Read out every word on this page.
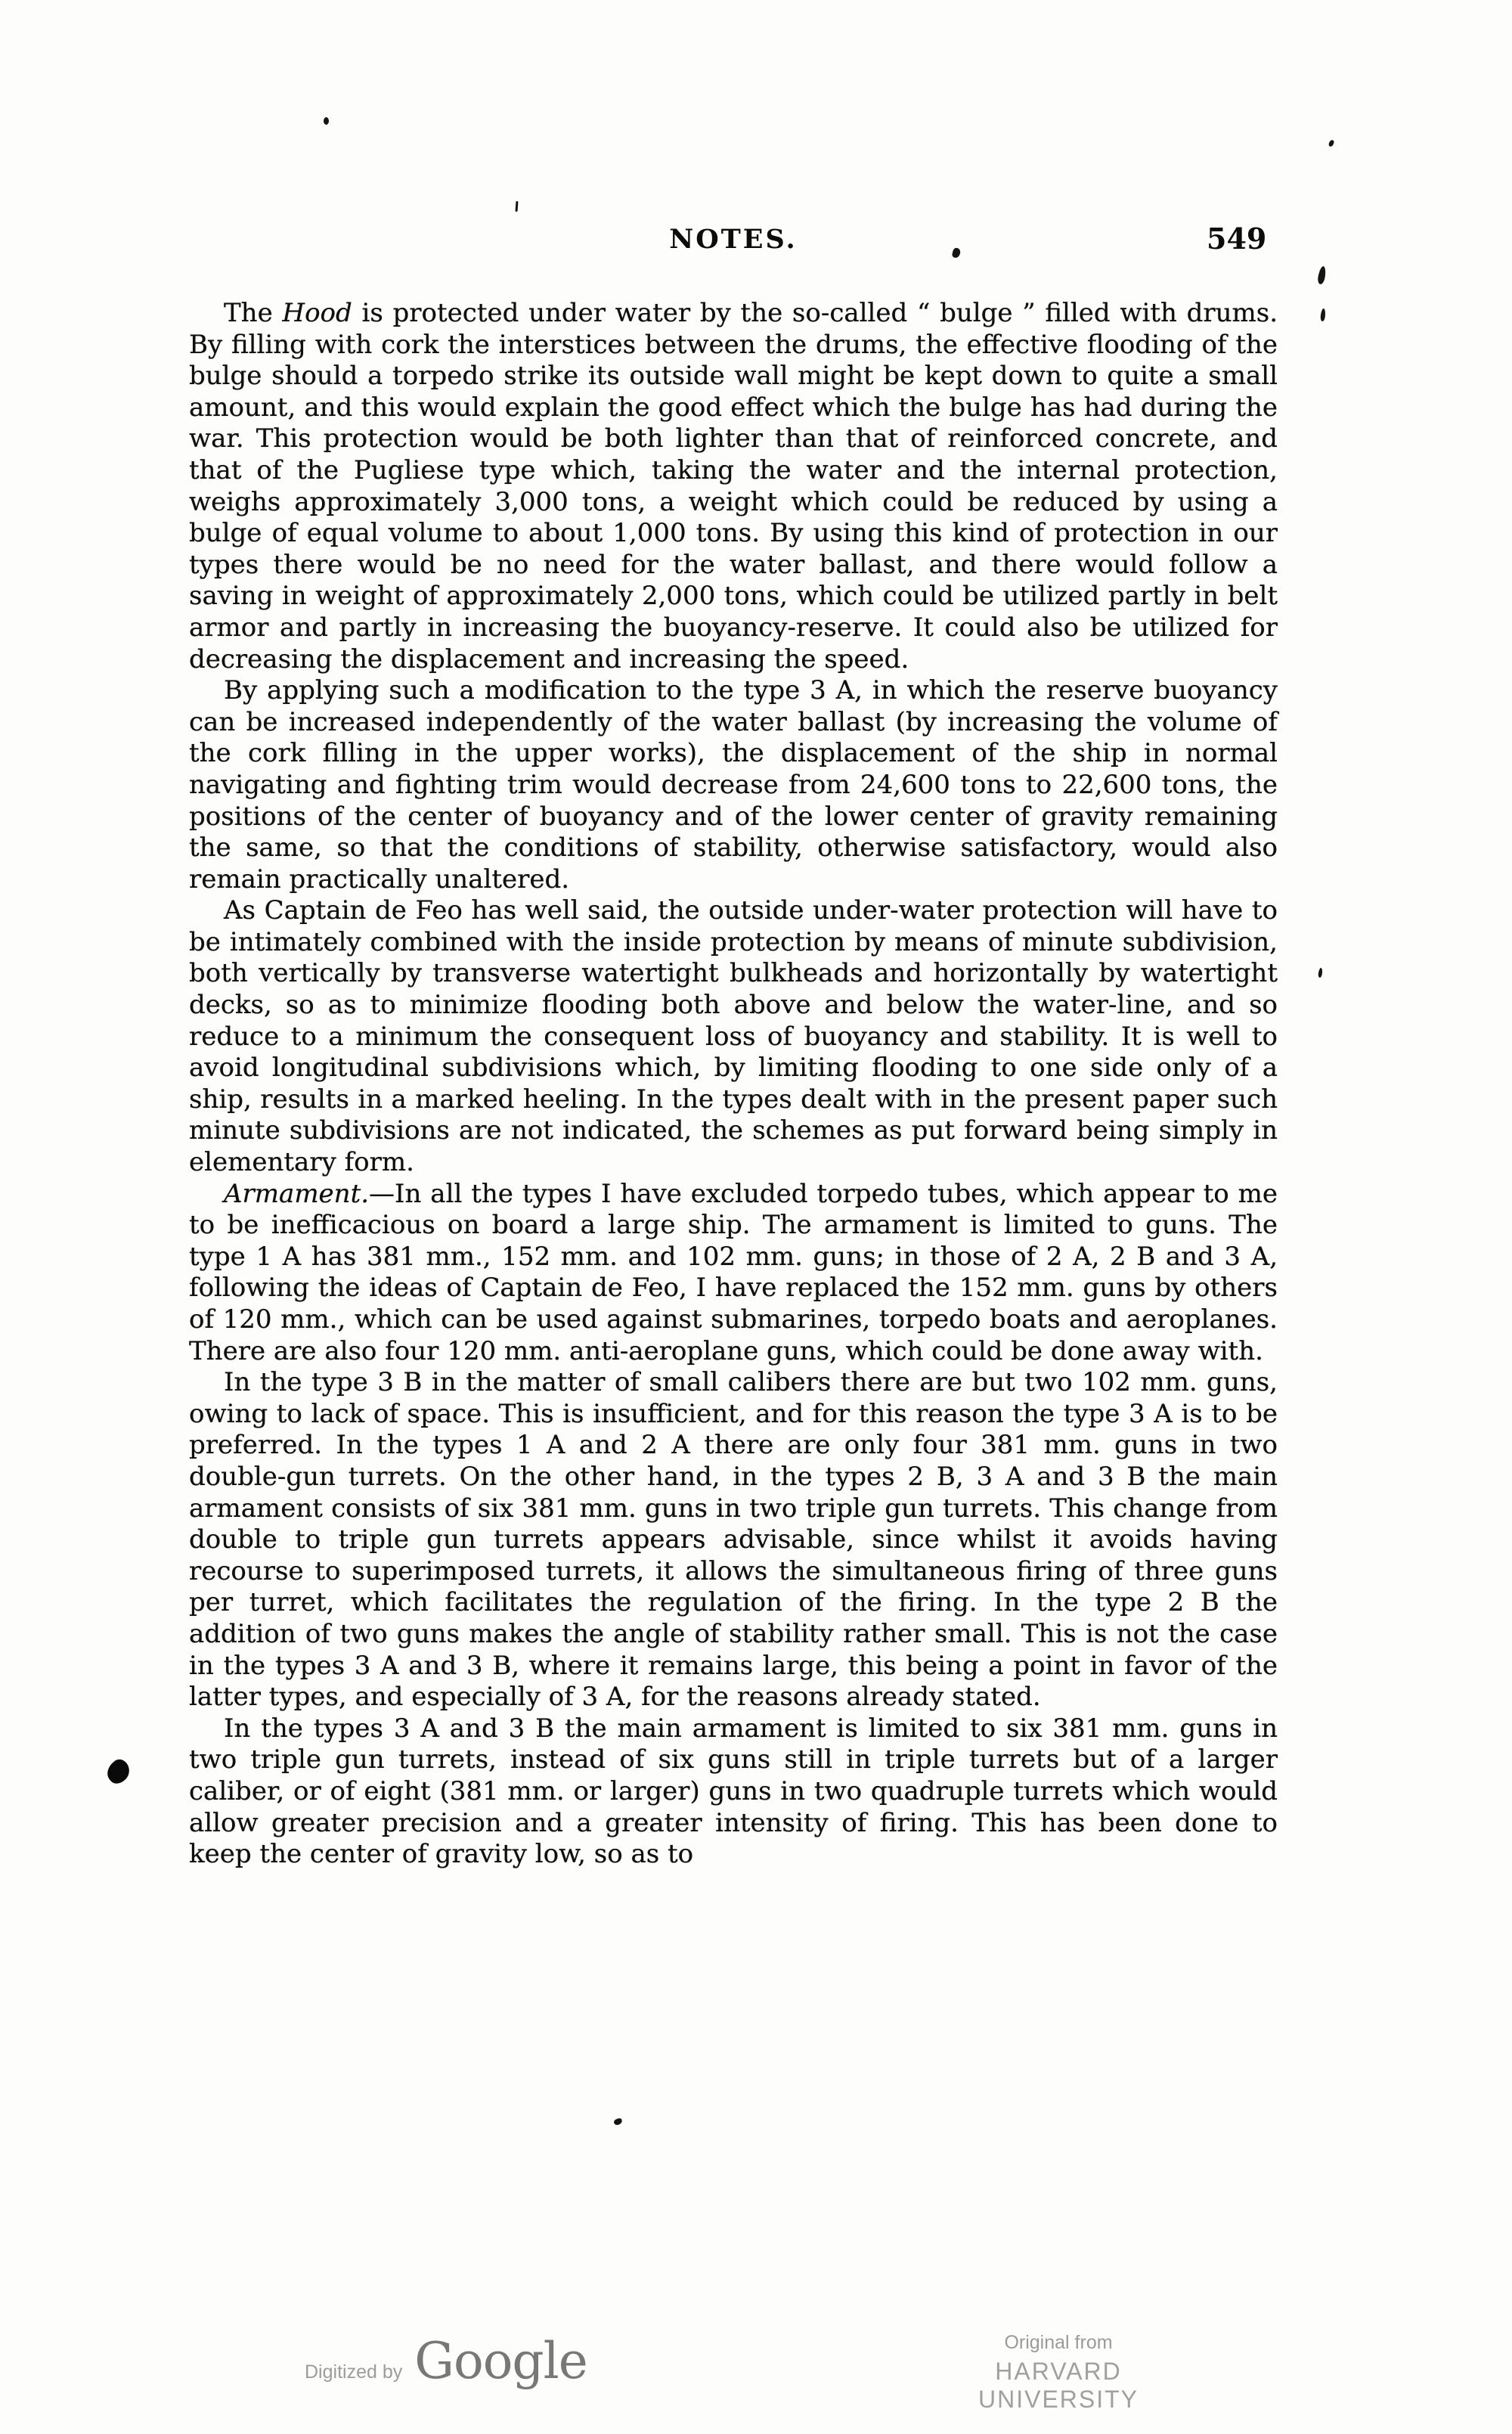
NOTES.	549

The Hood is protected under water by the so-called “ bulge ” filled with drums. By filling with cork the interstices between the drums, the effective flooding of the bulge should a torpedo strike its outside wall might be kept down to quite a small amount, and this would explain the good effect which the bulge has had during the war. This protection would be both lighter than that of reinforced concrete, and that of the Pugliese type which, taking the water and the internal protection, weighs approximately 3,000 tons, a weight which could be reduced by using a bulge of equal volume to about 1,000 tons. By using this kind of protection in our types there would be no need for the water ballast, and there would follow a saving in weight of approximately 2,000 tons, which could be utilized partly in belt armor and partly in increasing the buoyancy-reserve. It could also be utilized for decreasing the displacement and increasing the speed.

By applying such a modification to the type 3 A, in which the reserve buoyancy can be increased independently of the water ballast (by increasing the volume of the cork filling in the upper works), the displacement of the ship in normal navigating and fighting trim would decrease from 24,600 tons to 22,600 tons, the positions of the center of buoyancy and of the lower center of gravity remaining the same, so that the conditions of stability, otherwise satisfactory, would also remain practically unaltered.

As Captain de Feo has well said, the outside under-water protection will have to be intimately combined with the inside protection by means of minute subdivision, both vertically by transverse watertight bulkheads and horizontally by watertight decks, so as to minimize flooding both above and below the water-line, and so reduce to a minimum the consequent loss of buoyancy and stability. It is well to avoid longitudinal subdivisions which, by limiting flooding to one side only of a ship, results in a marked heeling. In the types dealt with in the present paper such minute subdivisions are not indicated, the schemes as put forward being simply in elementary form.

Armament.—In all the types I have excluded torpedo tubes, which appear to me to be inefficacious on board a large ship. The armament is limited to guns. The type 1 A has 381 mm., 152 mm. and 102 mm. guns; in those of 2 A, 2 B and 3 A, following the ideas of Captain de Feo, I have replaced the 152 mm. guns by others of 120 mm., which can be used against submarines, torpedo boats and aeroplanes. There are also four 120 mm. anti-aeroplane guns, which could be done away with.

In the type 3 B in the matter of small calibers there are but two 102 mm. guns, owing to lack of space. This is insufficient, and for this reason the type 3 A is to be preferred. In the types 1 A and 2 A there are only four 381 mm. guns in two double-gun turrets. On the other hand, in the types 2 B, 3 A and 3 B the main armament consists of six 381 mm. guns in two triple gun turrets. This change from double to triple gun turrets appears advisable, since whilst it avoids having recourse to superimposed turrets, it allows the simultaneous firing of three guns per turret, which facilitates the regulation of the firing. In the type 2 B the addition of two guns makes the angle of stability rather small. This is not the case in the types 3 A and 3 B, where it remains large, this being a point in favor of the latter types, and especially of 3 A, for the reasons already stated.

In the types 3 A and 3 B the main armament is limited to six 381 mm. guns in two triple gun turrets, instead of six guns still in triple turrets but of a larger caliber, or of eight (381 mm. or larger) guns in two quadruple turrets which would allow greater precision and a greater intensity of firing. This has been done to keep the center of gravity low, so as to

Digitized by Google	Original from
HARVARD UNIVERSITY
